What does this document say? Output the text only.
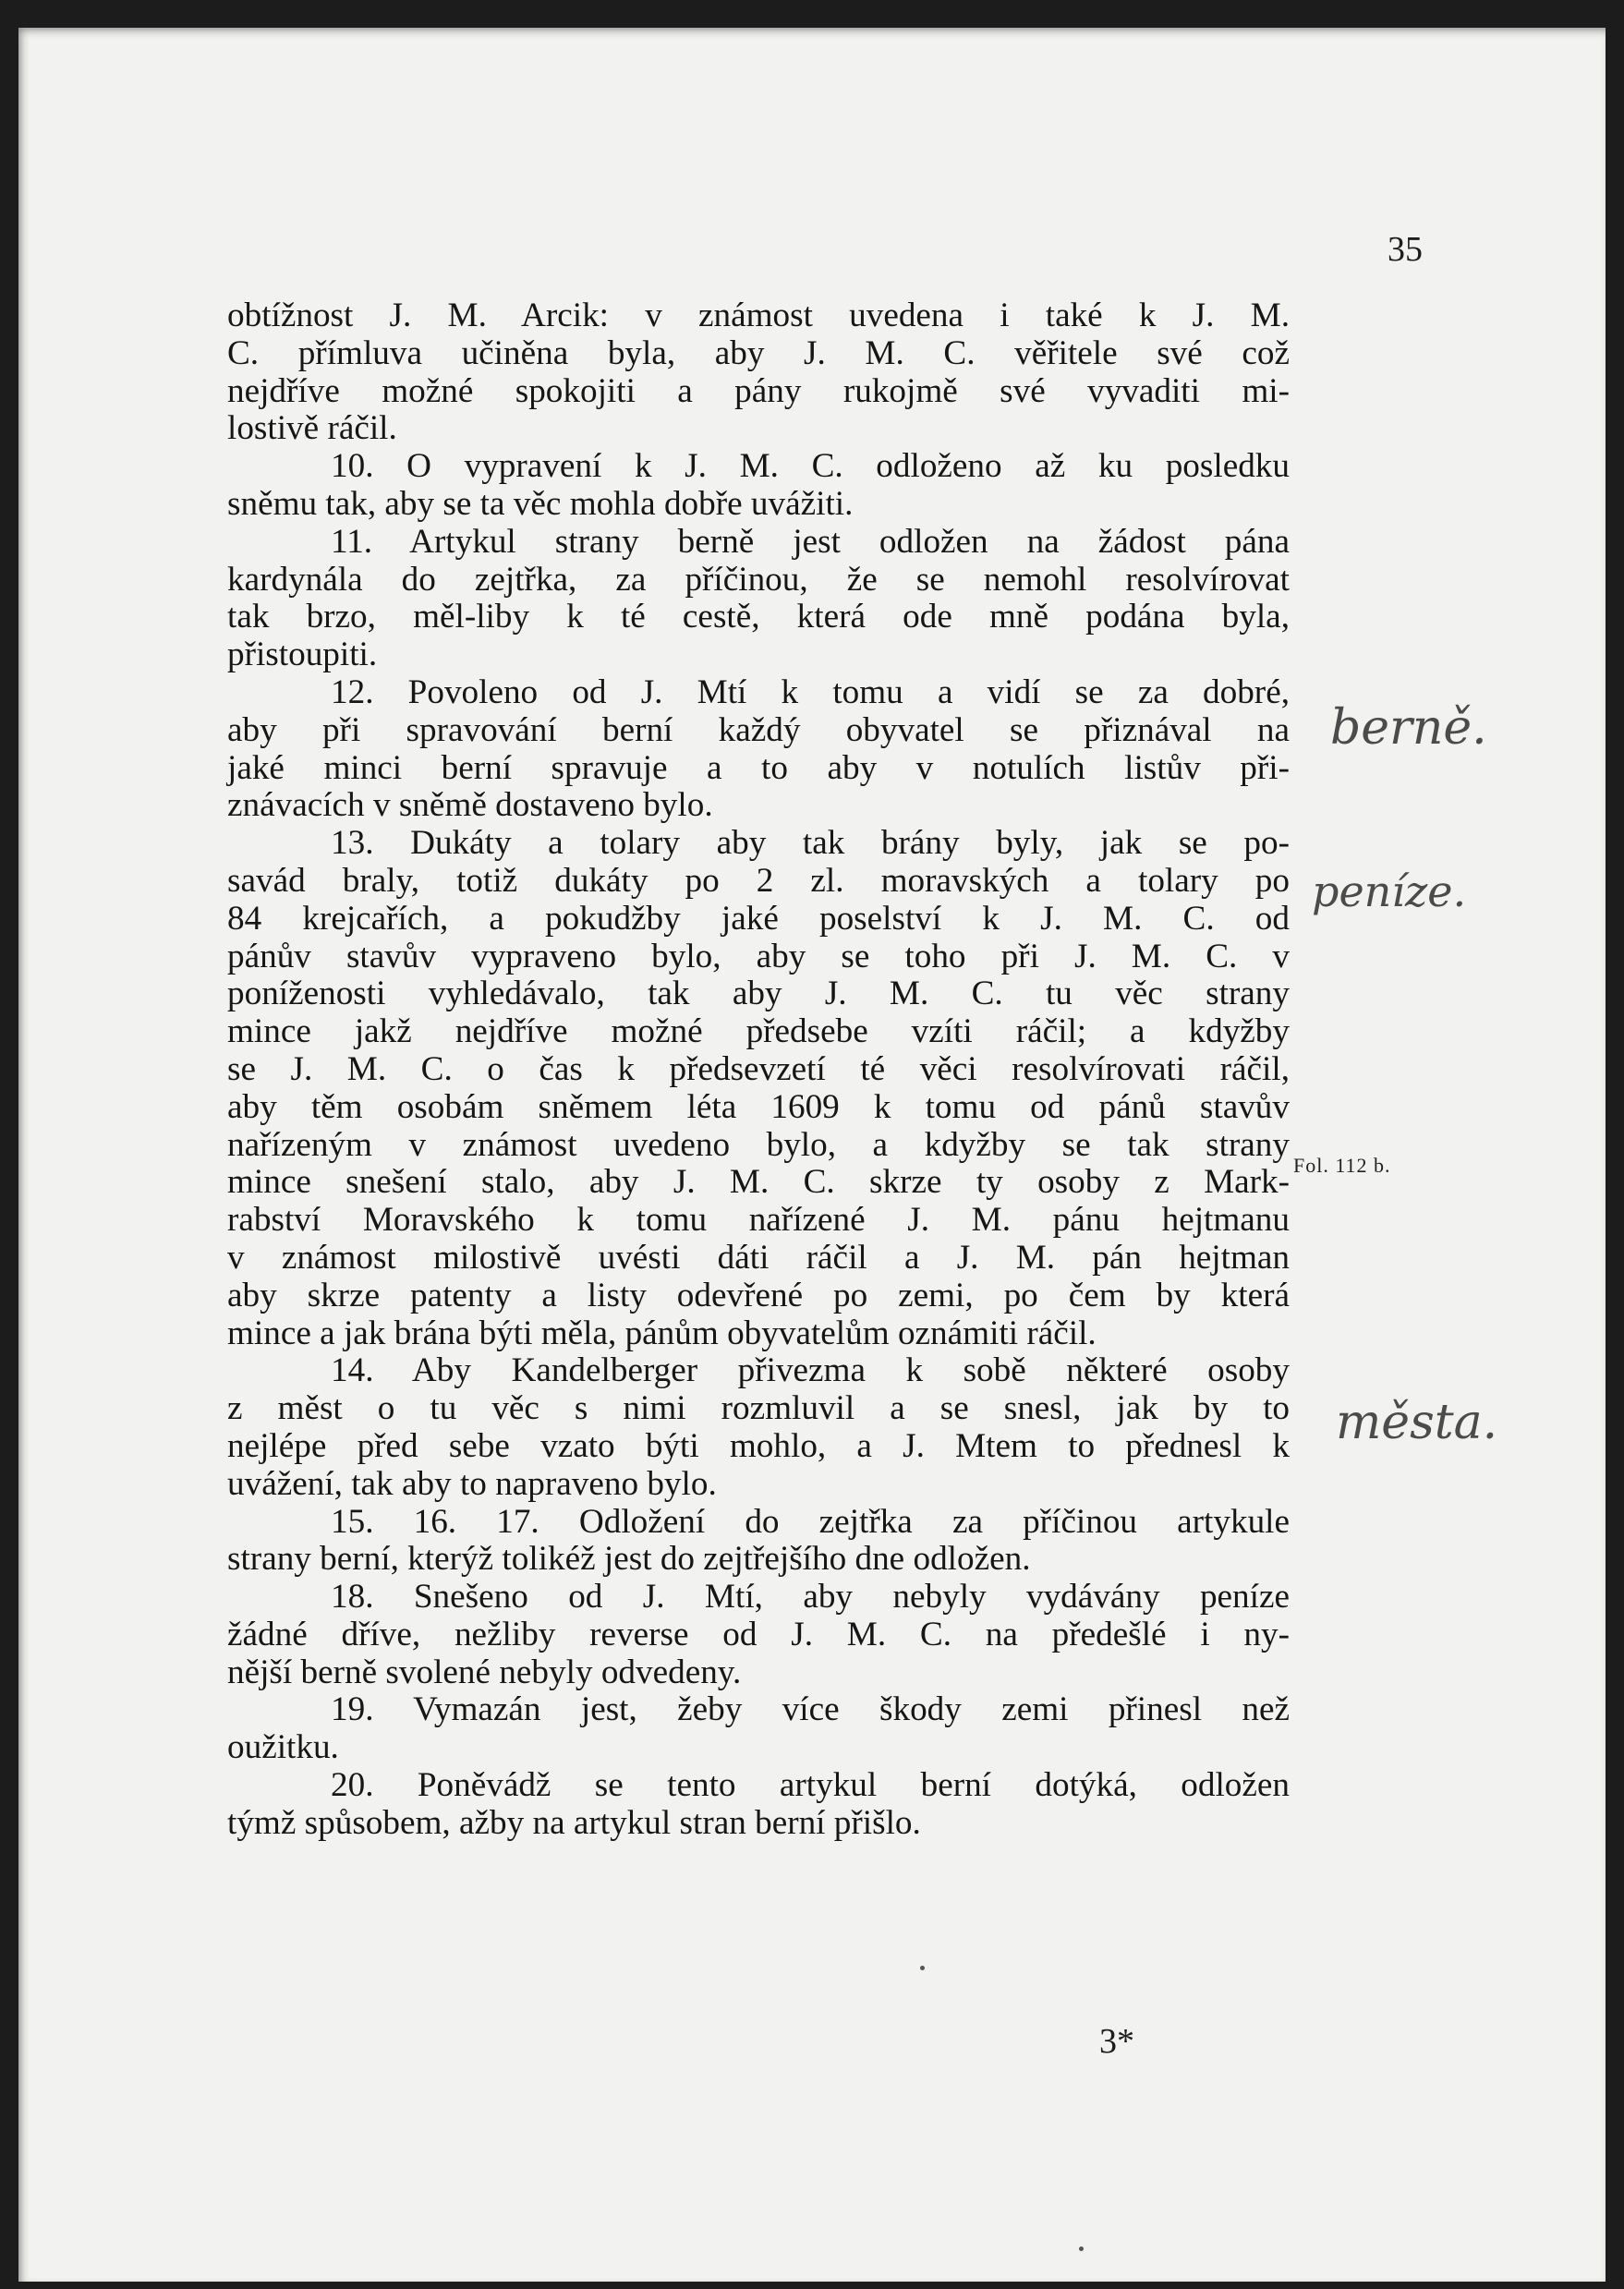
35
obtížnost J. M. Arcik: v známost uvedena i také k J. M.
C. přímluva učiněna byla, aby J. M. C. věřitele své což
nejdříve možné spokojiti a pány rukojmě své vyvaditi mi-
lostivě ráčil.
10. O vypravení k J. M. C. odloženo až ku posledku
sněmu tak, aby se ta věc mohla dobře uvážiti.
11. Artykul strany berně jest odložen na žádost pána
kardynála do zejtřka, za příčinou, že se nemohl resolvírovat
tak brzo, měl-liby k té cestě, která ode mně podána byla,
přistoupiti.
12. Povoleno od J. Mtí k tomu a vidí se za dobré,
aby při spravování berní každý obyvatel se přiznával na
jaké minci berní spravuje a to aby v notulích listův při-
znávacích v sněmě dostaveno bylo.
13. Dukáty a tolary aby tak brány byly, jak se po-
savád braly, totiž dukáty po 2 zl. moravských a tolary po
84 krejcařích, a pokudžby jaké poselství k J. M. C. od
pánův stavův vypraveno bylo, aby se toho při J. M. C. v
poníženosti vyhledávalo, tak aby J. M. C. tu věc strany
mince jakž nejdříve možné předsebe vzíti ráčil; a kdyžby
se J. M. C. o čas k předsevzetí té věci resolvírovati ráčil,
aby těm osobám sněmem léta 1609 k tomu od pánů stavův
nařízeným v známost uvedeno bylo, a kdyžby se tak strany
mince snešení stalo, aby J. M. C. skrze ty osoby z Mark-
rabství Moravského k tomu nařízené J. M. pánu hejtmanu
v známost milostivě uvésti dáti ráčil a J. M. pán hejtman
aby skrze patenty a listy odevřené po zemi, po čem by která
mince a jak brána býti měla, pánům obyvatelům oznámiti ráčil.
14. Aby Kandelberger přivezma k sobě některé osoby
z měst o tu věc s nimi rozmluvil a se snesl, jak by to
nejlépe před sebe vzato býti mohlo, a J. Mtem to přednesl k
uvážení, tak aby to napraveno bylo.
15. 16. 17. Odložení do zejtřka za příčinou artykule
strany berní, kterýž tolikéž jest do zejtřejšího dne odložen.
18. Snešeno od J. Mtí, aby nebyly vydávány peníze
žádné dříve, nežliby reverse od J. M. C. na předešlé i ny-
nější berně svolené nebyly odvedeny.
19. Vymazán jest, žeby více škody zemi přinesl než
oužitku.
20. Poněvádž se tento artykul berní dotýká, odložen
týmž spůsobem, ažby na artykul stran berní přišlo.
Fol. 112 b.
berně.
peníze.
města.
3*
